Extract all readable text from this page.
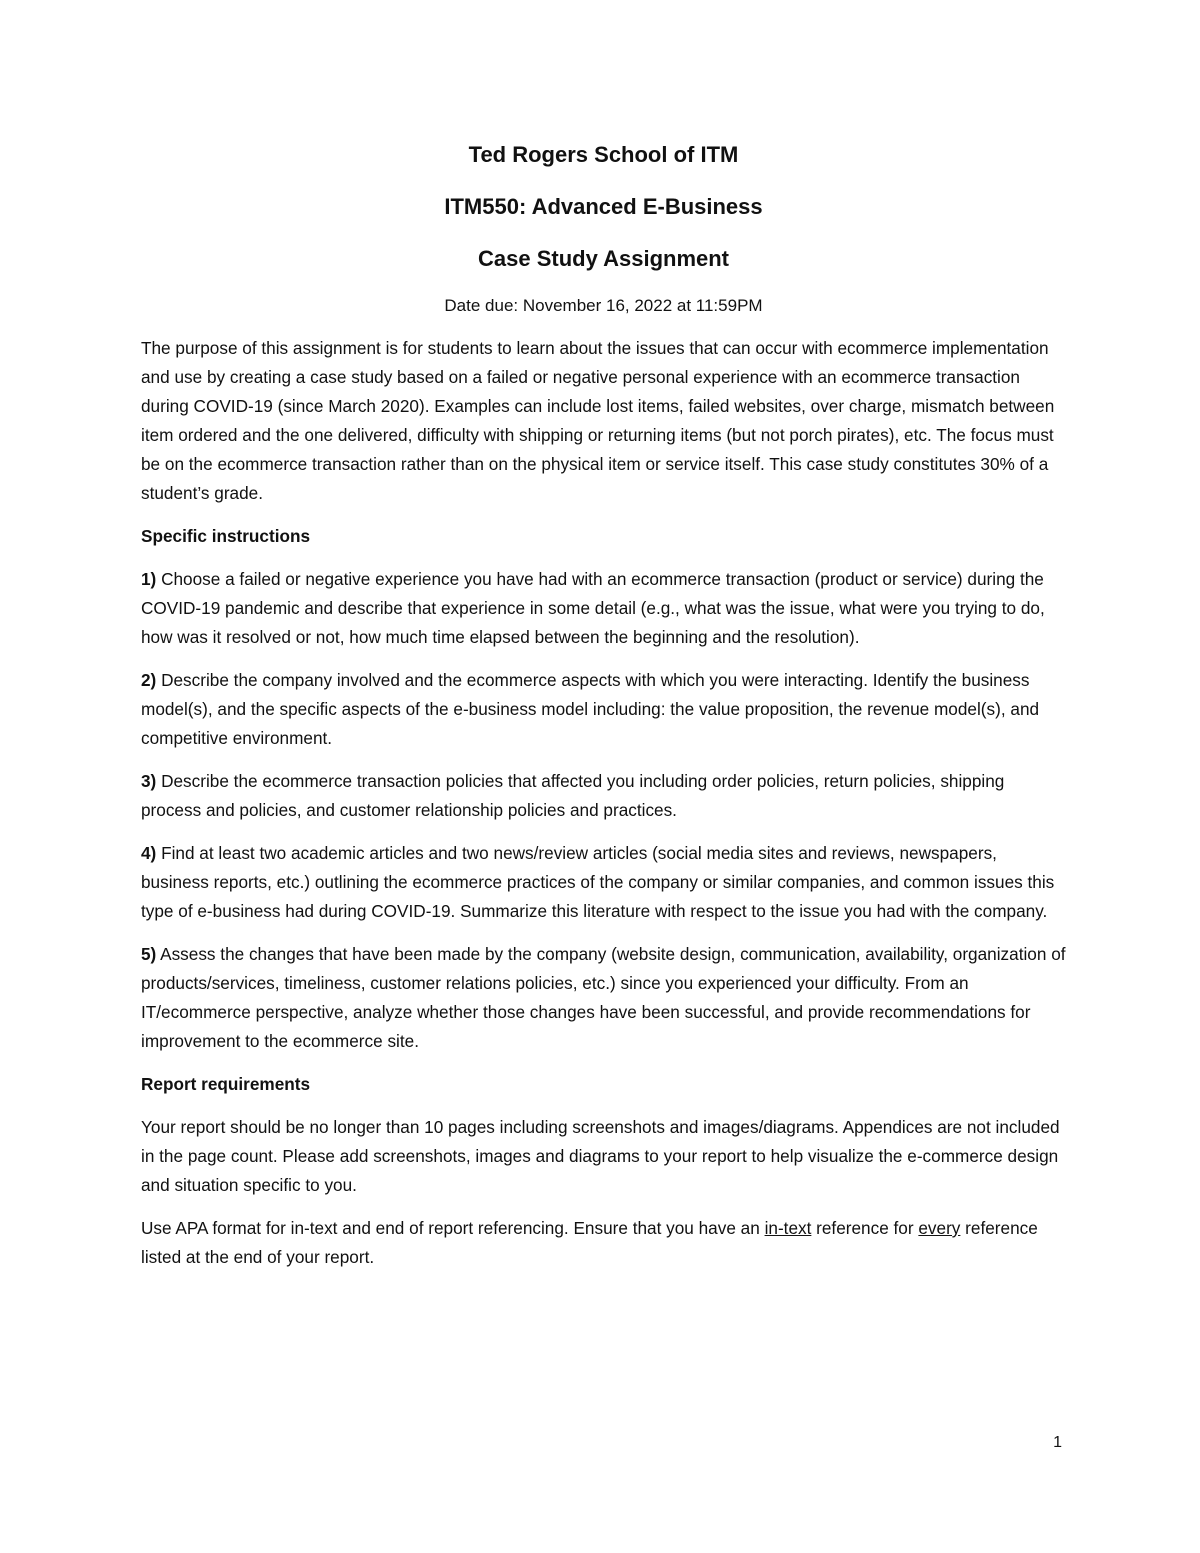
Ted Rogers School of ITM
ITM550: Advanced E-Business
Case Study Assignment
Date due: November 16, 2022 at 11:59PM

The purpose of this assignment is for students to learn about the issues that can occur with ecommerce implementation and use by creating a case study based on a failed or negative personal experience with an ecommerce transaction during COVID-19 (since March 2020). Examples can include lost items, failed websites, over charge, mismatch between item ordered and the one delivered, difficulty with shipping or returning items (but not porch pirates), etc. The focus must be on the ecommerce transaction rather than on the physical item or service itself. This case study constitutes 30% of a student’s grade.

Specific instructions

1) Choose a failed or negative experience you have had with an ecommerce transaction (product or service) during the COVID-19 pandemic and describe that experience in some detail (e.g., what was the issue, what were you trying to do, how was it resolved or not, how much time elapsed between the beginning and the resolution).

2) Describe the company involved and the ecommerce aspects with which you were interacting. Identify the business model(s), and the specific aspects of the e-business model including: the value proposition, the revenue model(s), and competitive environment.

3) Describe the ecommerce transaction policies that affected you including order policies, return policies, shipping process and policies, and customer relationship policies and practices.

4) Find at least two academic articles and two news/review articles (social media sites and reviews, newspapers, business reports, etc.) outlining the ecommerce practices of the company or similar companies, and common issues this type of e-business had during COVID-19. Summarize this literature with respect to the issue you had with the company.

5) Assess the changes that have been made by the company (website design, communication, availability, organization of products/services, timeliness, customer relations policies, etc.) since you experienced your difficulty. From an IT/ecommerce perspective, analyze whether those changes have been successful, and provide recommendations for improvement to the ecommerce site.

Report requirements

Your report should be no longer than 10 pages including screenshots and images/diagrams. Appendices are not included in the page count. Please add screenshots, images and diagrams to your report to help visualize the e-commerce design and situation specific to you.

Use APA format for in-text and end of report referencing. Ensure that you have an in-text reference for every reference listed at the end of your report.

1
